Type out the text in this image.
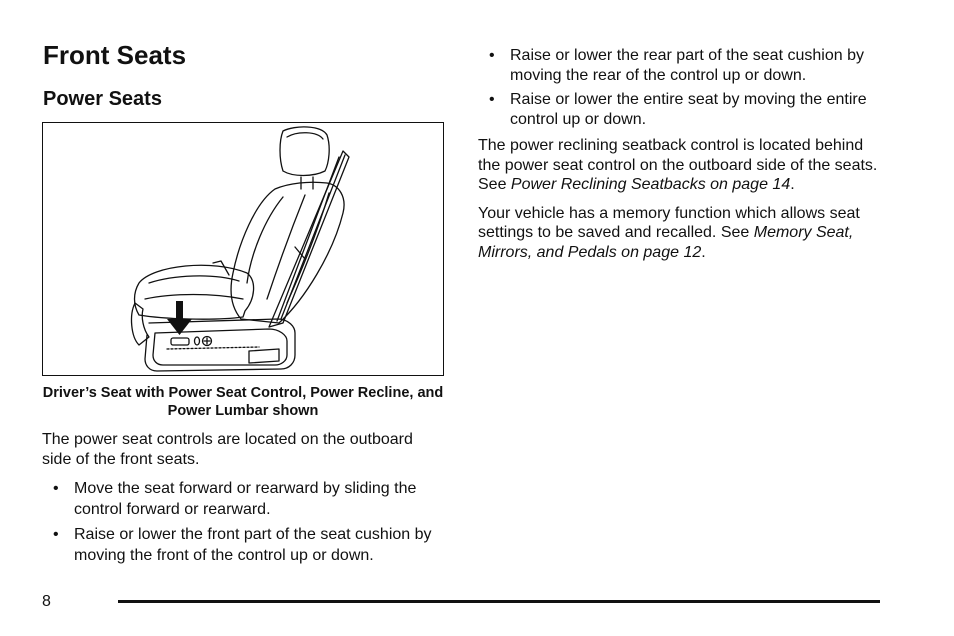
Front Seats
Power Seats
Driver’s Seat with Power Seat Control, Power Recline, and Power Lumbar shown

The power seat controls are located on the outboard side of the front seats.

• Move the seat forward or rearward by sliding the control forward or rearward.
• Raise or lower the front part of the seat cushion by moving the front of the control up or down.
• Raise or lower the rear part of the seat cushion by moving the rear of the control up or down.
• Raise or lower the entire seat by moving the entire control up or down.

The power reclining seatback control is located behind the power seat control on the outboard side of the seats. See Power Reclining Seatbacks on page 14.

Your vehicle has a memory function which allows seat settings to be saved and recalled. See Memory Seat, Mirrors, and Pedals on page 12.

8
